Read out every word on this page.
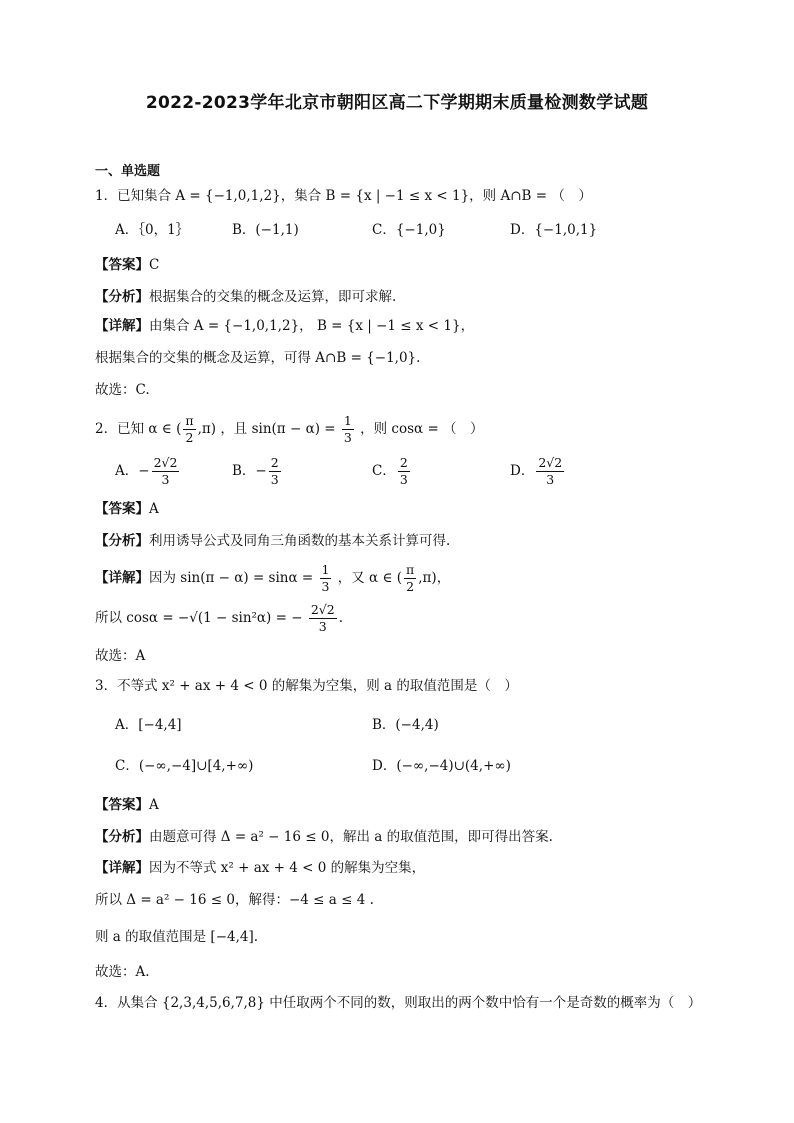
2022-2023学年北京市朝阳区高二下学期期末质量检测数学试题
一、单选题
1．已知集合 A = {−1,0,1,2}，集合 B = {x | −1 ≤ x < 1}，则 A∩B = （　）
A．｛0，1｝	B．(−1,1)	C．{−1,0}	D．{−1,0,1}
【答案】C
【分析】根据集合的交集的概念及运算，即可求解.
【详解】由集合 A = {−1,0,1,2}， B = {x | −1 ≤ x < 1}，
根据集合的交集的概念及运算，可得 A∩B = {−1,0}.
故选：C.
2．已知 α ∈ ( $\frac{\pi}{2} ,\pi$) ，且 $\sin(\pi - \alpha) = \frac{1}{3}$ ，则 cosα = （　）
A．− $\frac{2√2}{3}$	B．− $\frac{2}{3}$	C． $\frac{2}{3}$	D． $\frac{2√2}{3}$
【答案】A
【分析】利用诱导公式及同角三角函数的基本关系计算可得.
【详解】因为 $\sin(\pi - \alpha) = \sin\alpha = \frac{1}{3}$ ，又 α ∈ ( $\frac{\pi}{2} ,\pi$)，
所以 cosα = −√(1 − sin²α) = − $\frac{2√2}{3}$ .
故选：A
3．不等式 x² + ax + 4 < 0 的解集为空集，则 a 的取值范围是（　）
A．[−4,4]	B．(−4,4)
C．(−∞,−4]∪[4,+∞)	D．(−∞,−4)∪(4,+∞)
【答案】A
【分析】由题意可得 Δ = a² − 16 ≤ 0，解出 a 的取值范围，即可得出答案.
【详解】因为不等式 x² + ax + 4 < 0 的解集为空集，
所以 Δ = a² − 16 ≤ 0，解得：−4 ≤ a ≤ 4 .
则 a 的取值范围是 [−4,4].
故选：A.
4．从集合 {2,3,4,5,6,7,8} 中任取两个不同的数，则取出的两个数中恰有一个是奇数的概率为（　）
